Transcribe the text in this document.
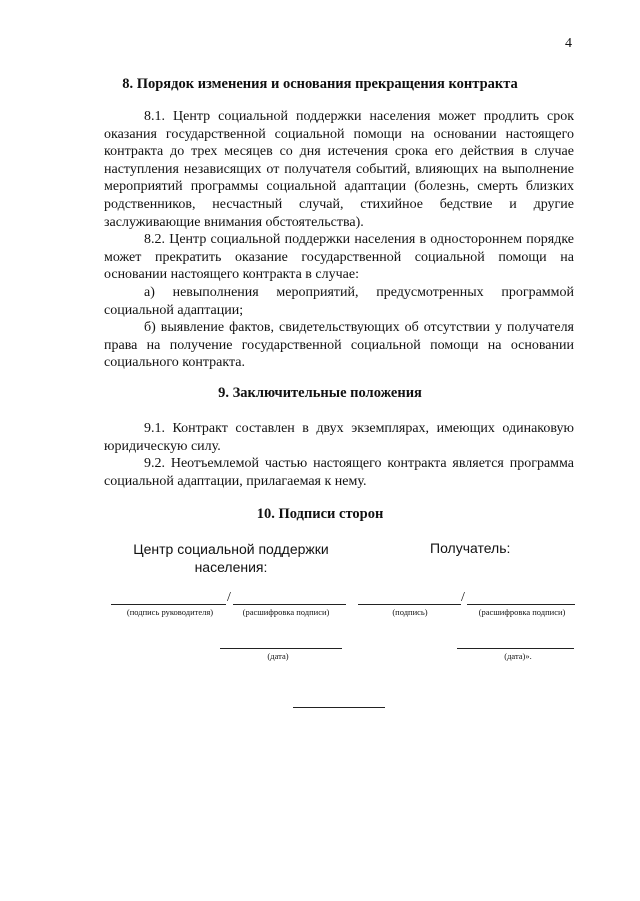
4
8. Порядок изменения и основания прекращения контракта

8.1. Центр социальной поддержки населения может продлить срок оказания государственной социальной помощи на основании настоящего контракта до трех месяцев со дня истечения срока его действия в случае наступления независящих от получателя событий, влияющих на выполнение мероприятий программы социальной адаптации (болезнь, смерть близких родственников, несчастный случай, стихийное бедствие и другие заслуживающие внимания обстоятельства).

8.2. Центр социальной поддержки населения в одностороннем порядке может прекратить оказание государственной социальной помощи на основании настоящего контракта в случае:

а) невыполнения мероприятий, предусмотренных программой социальной адаптации;

б) выявление фактов, свидетельствующих об отсутствии у получателя права на получение государственной социальной помощи на основании социального контракта.

9. Заключительные положения

9.1. Контракт составлен в двух экземплярах, имеющих одинаковую юридическую силу.

9.2. Неотъемлемой частью настоящего контракта является программа социальной адаптации, прилагаемая к нему.

10. Подписи сторон
Центр социальной поддержки
населения:
Получатель:
/
(подпись руководителя)	(расшифровка подписи)
/
(подпись)	(расшифровка подписи)
(дата)	(дата)».
